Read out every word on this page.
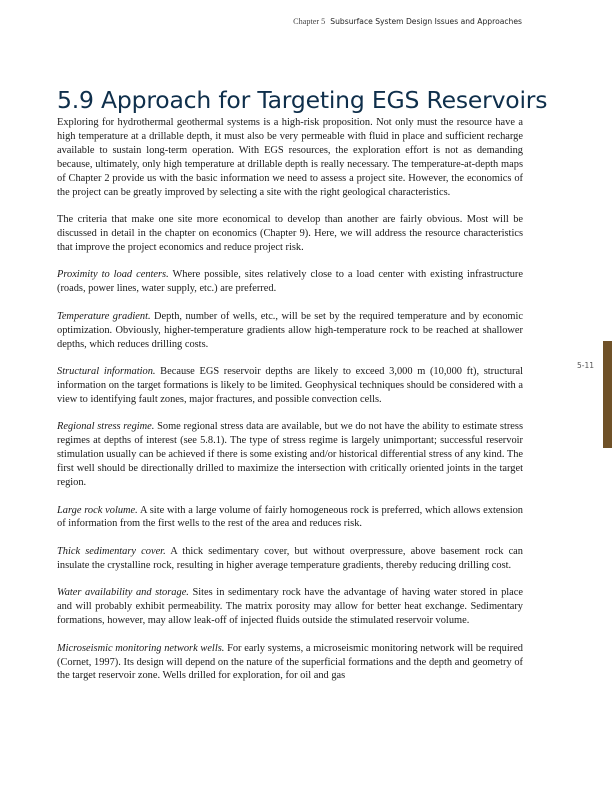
Chapter 5 Subsurface System Design Issues and Approaches
5.9 Approach for Targeting EGS Reservoirs

Exploring for hydrothermal geothermal systems is a high-risk proposition. Not only must the resource have a high temperature at a drillable depth, it must also be very permeable with fluid in place and sufficient recharge available to sustain long-term operation. With EGS resources, the exploration effort is not as demanding because, ultimately, only high temperature at drillable depth is really necessary. The temperature-at-depth maps of Chapter 2 provide us with the basic information we need to assess a project site. However, the economics of the project can be greatly improved by selecting a site with the right geological characteristics.

The criteria that make one site more economical to develop than another are fairly obvious. Most will be discussed in detail in the chapter on economics (Chapter 9). Here, we will address the resource characteristics that improve the project economics and reduce project risk.

Proximity to load centers. Where possible, sites relatively close to a load center with existing infrastructure (roads, power lines, water supply, etc.) are preferred.

Temperature gradient. Depth, number of wells, etc., will be set by the required temperature and by economic optimization. Obviously, higher-temperature gradients allow high-temperature rock to be reached at shallower depths, which reduces drilling costs.

Structural information. Because EGS reservoir depths are likely to exceed 3,000 m (10,000 ft), structural information on the target formations is likely to be limited. Geophysical techniques should be considered with a view to identifying fault zones, major fractures, and possible convection cells.

Regional stress regime. Some regional stress data are available, but we do not have the ability to estimate stress regimes at depths of interest (see 5.8.1). The type of stress regime is largely unimportant; successful reservoir stimulation usually can be achieved if there is some existing and/or historical differential stress of any kind. The first well should be directionally drilled to maximize the intersection with critically oriented joints in the target region.

Large rock volume. A site with a large volume of fairly homogeneous rock is preferred, which allows extension of information from the first wells to the rest of the area and reduces risk.

Thick sedimentary cover. A thick sedimentary cover, but without overpressure, above basement rock can insulate the crystalline rock, resulting in higher average temperature gradients, thereby reducing drilling cost.

Water availability and storage. Sites in sedimentary rock have the advantage of having water stored in place and will probably exhibit permeability. The matrix porosity may allow for better heat exchange. Sedimentary formations, however, may allow leak-off of injected fluids outside the stimulated reservoir volume.

Microseismic monitoring network wells. For early systems, a microseismic monitoring network will be required (Cornet, 1997). Its design will depend on the nature of the superficial formations and the depth and geometry of the target reservoir zone. Wells drilled for exploration, for oil and gas

5-11
